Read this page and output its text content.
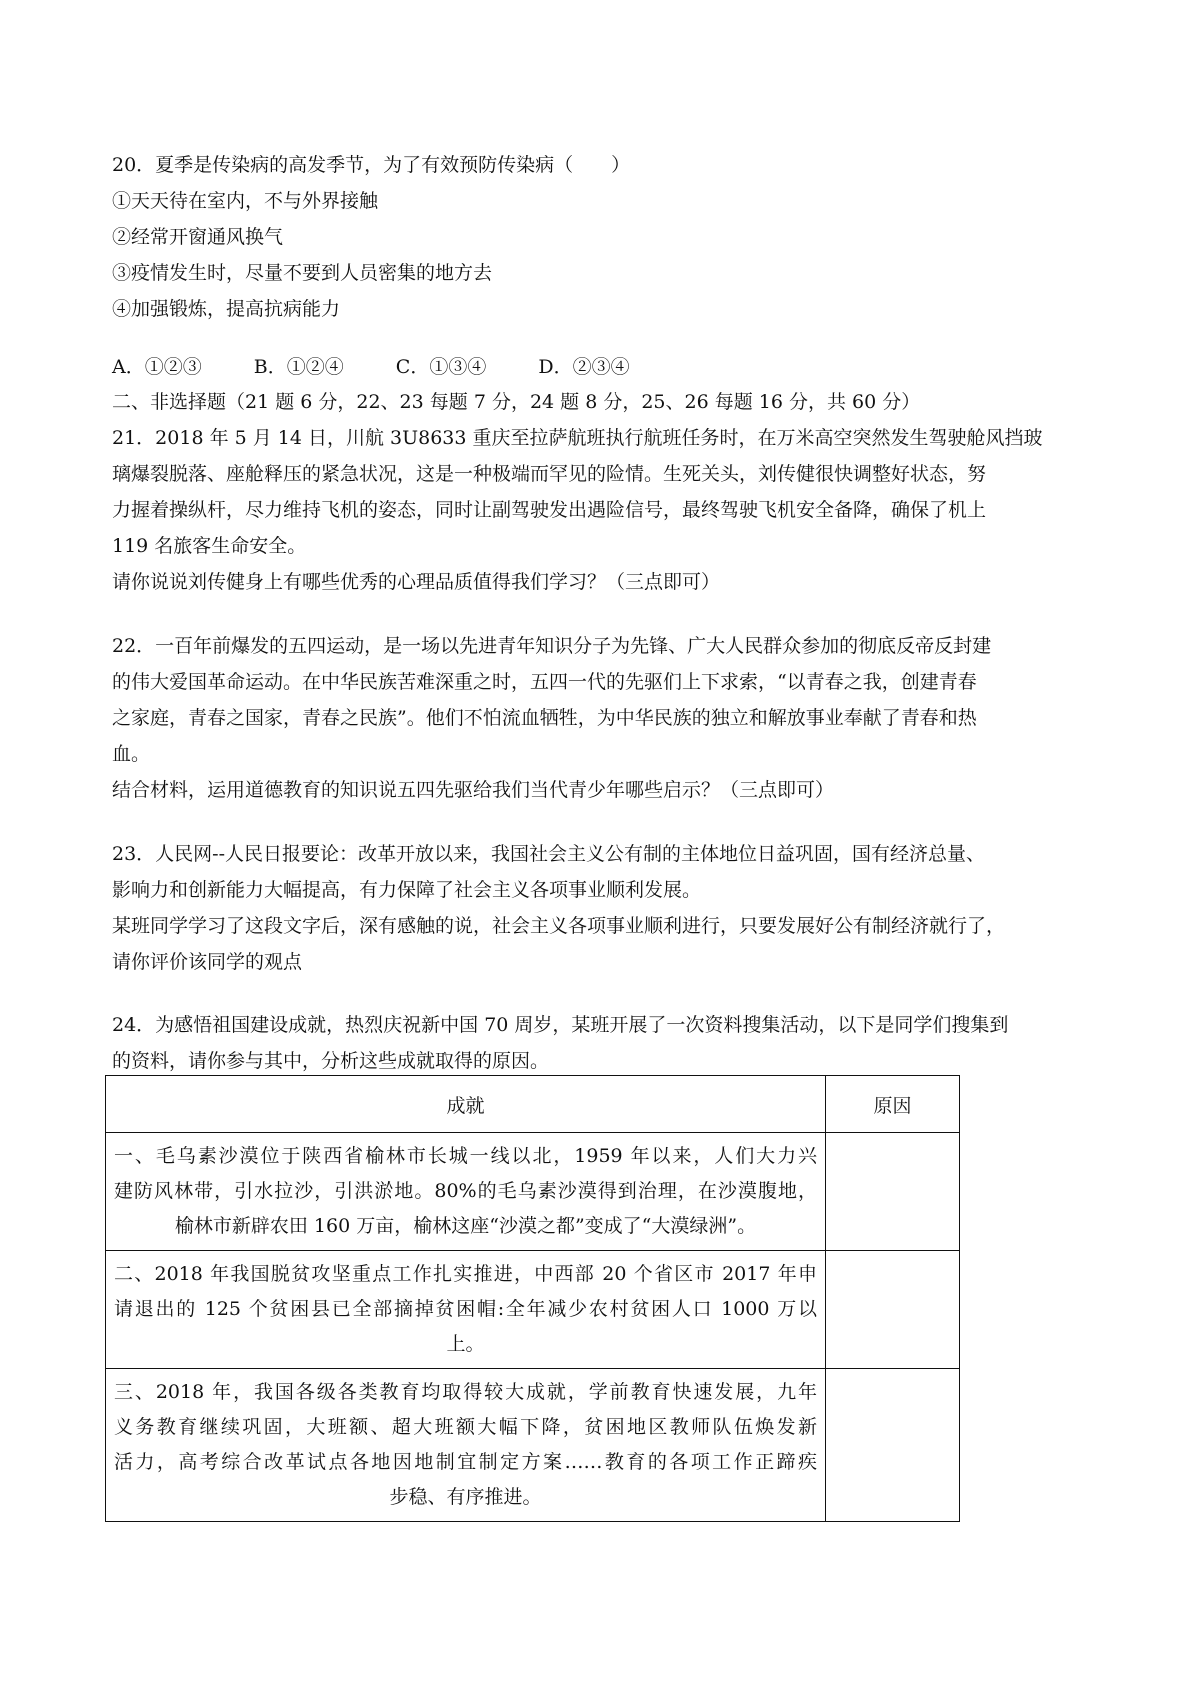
20．夏季是传染病的高发季节，为了有效预防传染病（　　）
①天天待在室内，不与外界接触
②经常开窗通风换气
③疫情发生时，尽量不要到人员密集的地方去
④加强锻炼，提高抗病能力
A．①②③	B．①②④	C．①③④	D．②③④
二、非选择题（21 题 6 分，22、23 每题 7 分，24 题 8 分，25、26 每题 16 分，共 60 分）
21．2018 年 5 月 14 日，川航 3U8633 重庆至拉萨航班执行航班任务时，在万米高空突然发生驾驶舱风挡玻
璃爆裂脱落、座舱释压的紧急状况，这是一种极端而罕见的险情。生死关头，刘传健很快调整好状态，努
力握着操纵杆，尽力维持飞机的姿态，同时让副驾驶发出遇险信号，最终驾驶飞机安全备降，确保了机上
119 名旅客生命安全。
请你说说刘传健身上有哪些优秀的心理品质值得我们学习？（三点即可）
22．一百年前爆发的五四运动，是一场以先进青年知识分子为先锋、广大人民群众参加的彻底反帝反封建
的伟大爱国革命运动。在中华民族苦难深重之时，五四一代的先驱们上下求索，“以青春之我，创建青春
之家庭，青春之国家，青春之民族”。他们不怕流血牺牲，为中华民族的独立和解放事业奉献了青春和热
血。
结合材料，运用道德教育的知识说五四先驱给我们当代青少年哪些启示？（三点即可）
23．人民网--人民日报要论：改革开放以来，我国社会主义公有制的主体地位日益巩固，国有经济总量、
影响力和创新能力大幅提高，有力保障了社会主义各项事业顺利发展。
某班同学学习了这段文字后，深有感触的说，社会主义各项事业顺利进行，只要发展好公有制经济就行了，
请你评价该同学的观点
24．为感悟祖国建设成就，热烈庆祝新中国 70 周岁，某班开展了一次资料搜集活动，以下是同学们搜集到
的资料，请你参与其中，分析这些成就取得的原因。
成就	原因

一、毛乌素沙漠位于陕西省榆林市长城一线以北，1959 年以来，人们大力兴
建防风林带，引水拉沙，引洪淤地。80%的毛乌素沙漠得到治理，在沙漠腹地，
榆林市新辟农田 160 万亩，榆林这座“沙漠之都”变成了“大漠绿洲”。	

二、2018 年我国脱贫攻坚重点工作扎实推进，中西部 20 个省区市 2017 年申
请退出的 125 个贫困县已全部摘掉贫困帽:全年减少农村贫困人口 1000 万以
上。	

三、2018 年，我国各级各类教育均取得较大成就，学前教育快速发展，九年
义务教育继续巩固，大班额、超大班额大幅下降，贫困地区教师队伍焕发新
活力，高考综合改革试点各地因地制宜制定方案……教育的各项工作正蹄疾
步稳、有序推进。	
